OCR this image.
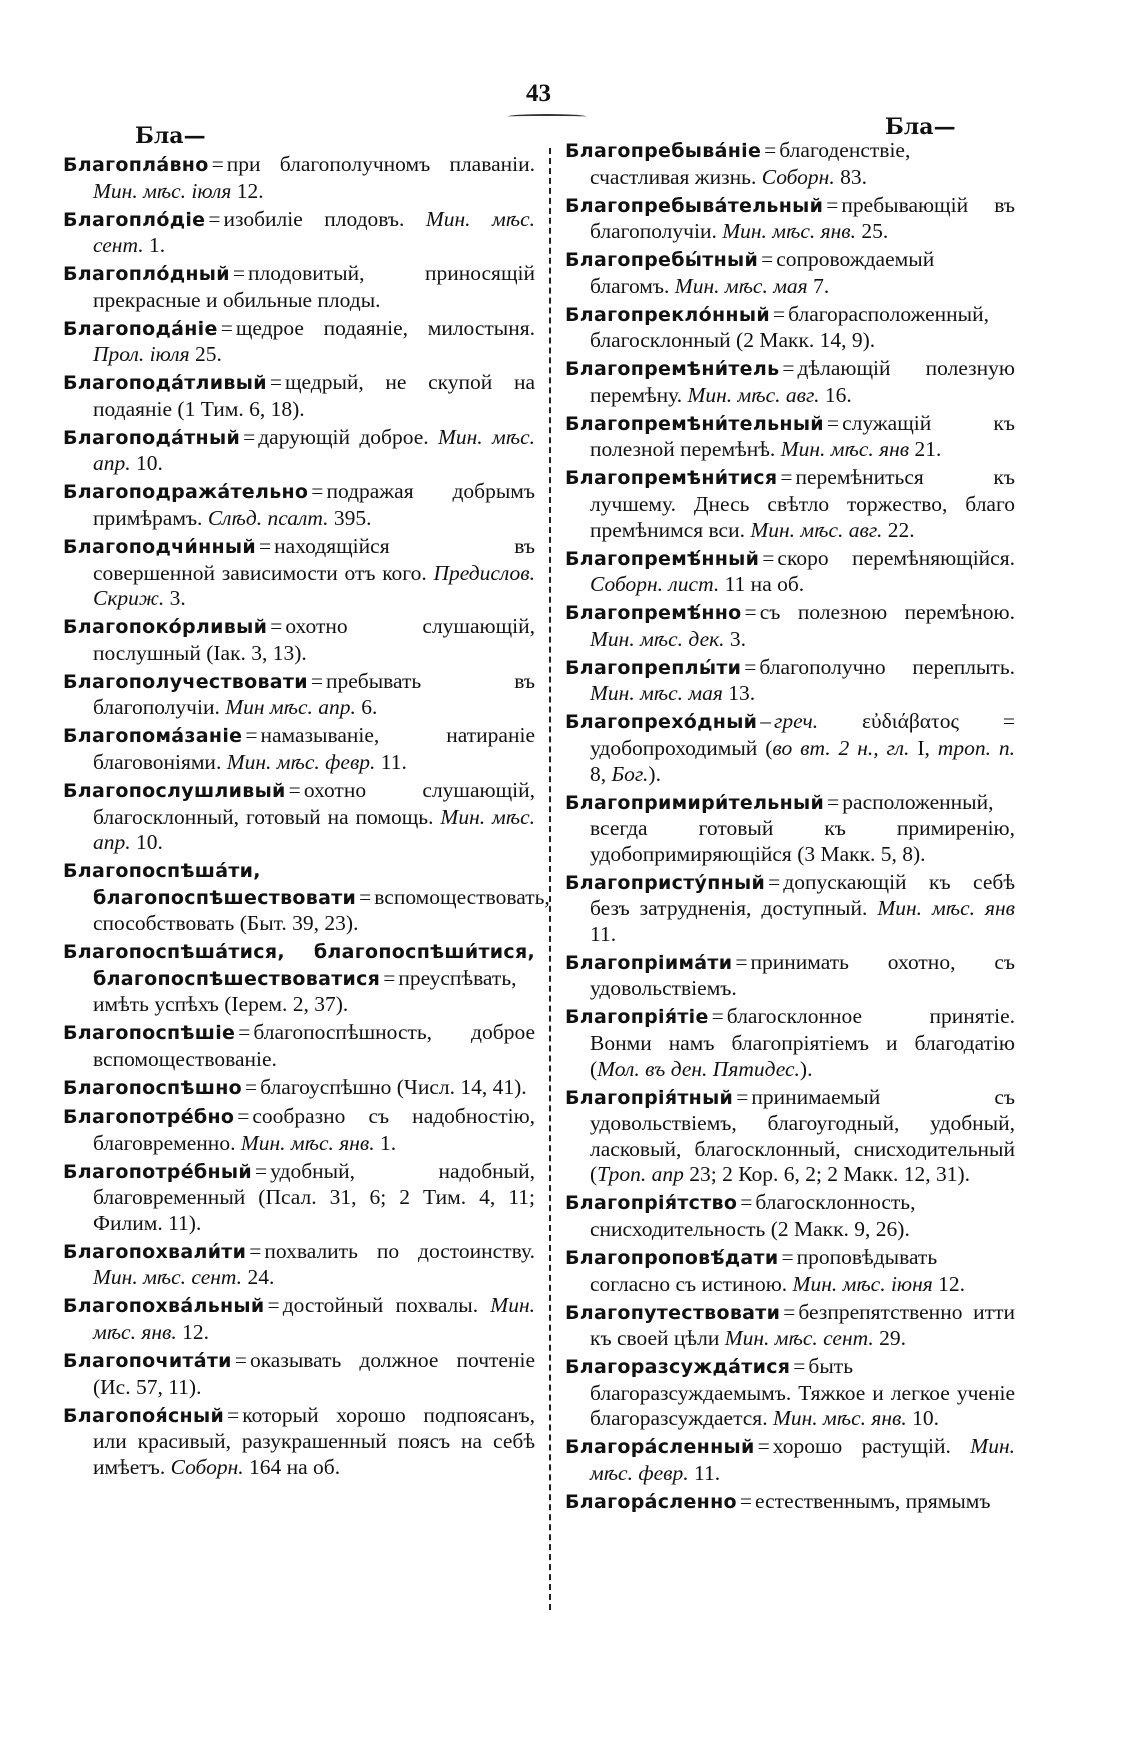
43
Бла—	Бла—
Благопла́вно = при благополучномъ плаваніи. Мин. мѣс. іюля 12.
Благоплóдіе = изобиліе плодовъ. Мин. мѣс. сент. 1.
Благоплóдный = плодовитый, приносящій прекрасные и обильные плоды.
Благопода́ніе = щедрое подаяніе, милостыня. Прол. іюля 25.
Благопода́тливый = щедрый, не скупой на подаяніе (1 Тим. 6, 18).
Благопода́тный = дарующій доброе. Мин. мѣс. апр. 10.
Благоподража́тельно = подражая добрымъ примѣрамъ. Слѣд. псалт. 395.
Благоподчи́нный = находящійся въ совершенной зависимости отъ кого. Предислов. Скриж. 3.
Благопокóрливый = охотно слушающій, послушный (Іак. 3, 13).
Благополучествовати = пребывать въ благополучіи. Мин мѣс. апр. 6.
Благопома́заніе = намазываніе, натираніе благовоніями. Мин. мѣс. февр. 11.
Благопослушливый = охотно слушающій, благосклонный, готовый на помощь. Мин. мѣс. апр. 10.
Благопоспѣша́ти, благопоспѣшествовати = вспомоществовать, способствовать (Быт. 39, 23).
Благопоспѣша́тися, благопоспѣши́тися, благопоспѣшествоватися = преуспѣвать, имѣть успѣхъ (Іерем. 2, 37).
Благопоспѣшіе = благопоспѣшность, доброе вспомоществованіе.
Благопоспѣшно = благоуспѣшно (Числ. 14, 41).
Благопотре́бно = сообразно съ надобностію, благовременно. Мин. мѣс. янв. 1.
Благопотре́бный = удобный, надобный, благовременный (Псал. 31, 6; 2 Тим. 4, 11; Филим. 11).
Благопохвали́ти = похвалить по достоинству. Мин. мѣс. сент. 24.
Благопохва́льный = достойный похвалы. Мин. мѣс. янв. 12.
Благопочита́ти = оказывать должное почтеніе (Ис. 57, 11).
Благопоя́сный = который хорошо подпоясанъ, или красивый, разукрашенный поясъ на себѣ имѣетъ. Соборн. 164 на об.
Благопребыва́ніе = благоденствіе, счастливая жизнь. Соборн. 83.
Благопребыва́тельный = пребывающій въ благополучіи. Мин. мѣс. янв. 25.
Благопребы́тный = сопровождаемый благомъ. Мин. мѣс. мая 7.
Благопреклóнный = благорасположенный, благосклонный (2 Макк. 14, 9).
Благопремѣни́тель = дѣлающій полезную перемѣну. Мин. мѣс. авг. 16.
Благопремѣни́тельный = служащій къ полезной перемѣнѣ. Мин. мѣс. янв 21.
Благопремѣни́тися = перемѣниться къ лучшему. Днесь свѣтло торжество, благо премѣнимся вси. Мин. мѣс. авг. 22.
Благопремѣ́нный = скоро перемѣняющійся. Соборн. лист. 11 на об.
Благопремѣ́нно = съ полезною перемѣною. Мин. мѣс. дек. 3.
Благопреплы́ти = благополучно переплыть. Мин. мѣс. мая 13.
Благопрехóдный – греч. εὐδιάβατος = удобопроходимый (во вт. 2 н., гл. I, троп. п. 8, Бог.).
Благопримири́тельный = расположенный, всегда готовый къ примиренію, удобопримиряющійся (3 Макк. 5, 8).
Благопристу́пный = допускающій къ себѣ безъ затрудненія, доступный. Мин. мѣс. янв 11.
Благопріима́ти = принимать охотно, съ удовольствіемъ.
Благопрія́тіе = благосклонное принятіе. Вонми намъ благопріятіемъ и благодатію (Мол. въ ден. Пятидес.).
Благопрія́тный = принимаемый съ удовольствіемъ, благоугодный, удобный, ласковый, благосклонный, снисходительный (Троп. апр 23; 2 Кор. 6, 2; 2 Макк. 12, 31).
Благопрія́тство = благосклонность, снисходительность (2 Макк. 9, 26).
Благопроповѣ́дати = проповѣдывать согласно съ истиною. Мин. мѣс. іюня 12.
Благопутествовати = безпрепятственно итти къ своей цѣли Мин. мѣс. сент. 29.
Благоразсужда́тися = быть благоразсуждаемымъ. Тяжкое и легкое ученіе благоразсуждается. Мин. мѣс. янв. 10.
Благора́сленный = хорошо растущій. Мин. мѣс. февр. 11.
Благора́сленно = естественнымъ, прямымъ
